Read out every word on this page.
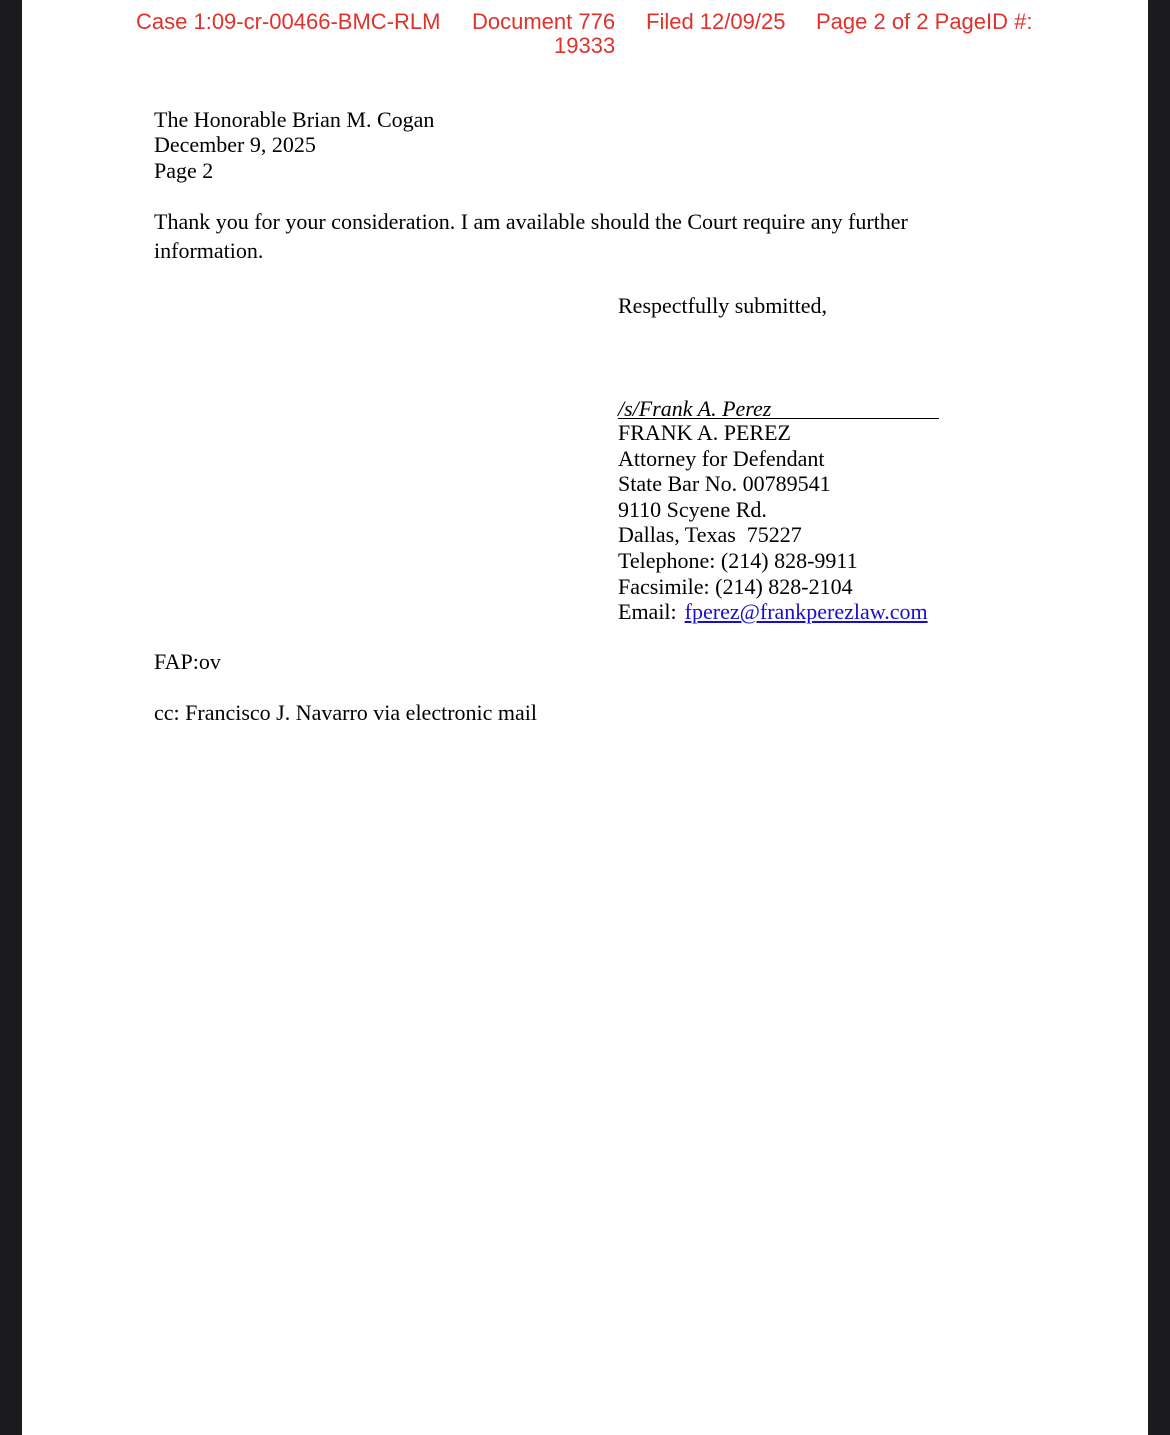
Case 1:09-cr-00466-BMC-RLM Document 776
19333
Filed 12/09/25 Page 2 of 2 PageID #:
The Honorable Brian M. Cogan
December 9, 2025
Page 2
Thank you for your consideration. I am available should the Court require any further information.
Respectfully submitted,
/s/Frank A. Perez
FRANK A. PEREZ
Attorney for Defendant
State Bar No. 00789541
9110 Scyene Rd.
Dallas, Texas  75227
Telephone: (214) 828-9911
Facsimile: (214) 828-2104
Email: fperez@frankperezlaw.com
FAP:ov
cc: Francisco J. Navarro via electronic mail
